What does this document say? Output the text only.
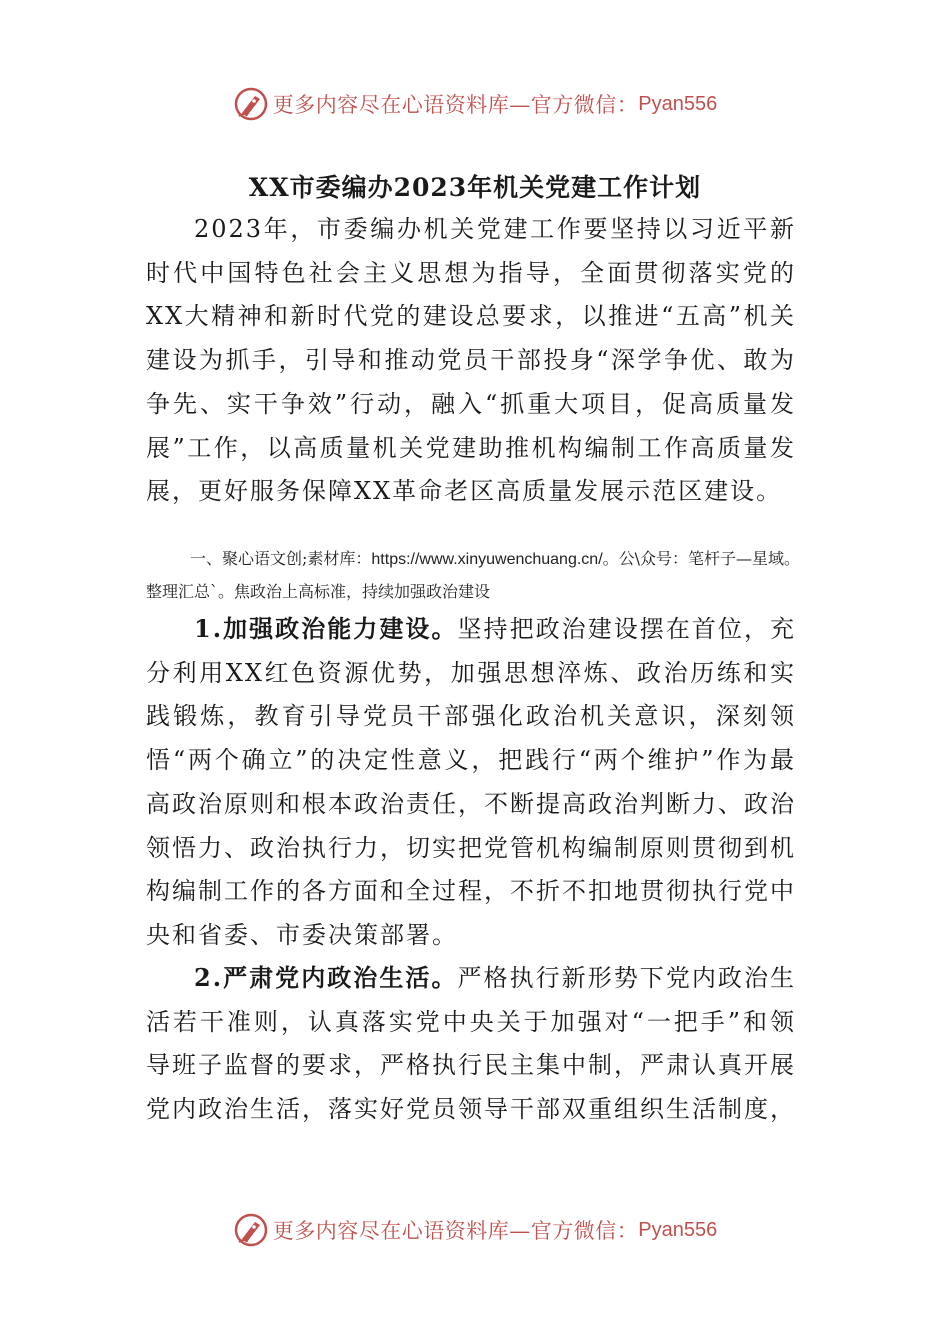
更多内容尽在心语资料库—官方微信： Pyan556
XX市委编办2023年机关党建工作计划

2023年，市委编办机关党建工作要坚持以习近平新时代中国特色社会主义思想为指导，全面贯彻落实党的XX大精神和新时代党的建设总要求，以推进“五高”机关建设为抓手，引导和推动党员干部投身“深学争优、敢为争先、实干争效”行动，融入“抓重大项目，促高质量发展”工作，以高质量机关党建助推机构编制工作高质量发展，更好服务保障XX革命老区高质量发展示范区建设。

一、聚心语文创;素材库：https://www.xinyuwenchuang.cn/。公\众号：笔杆子—星域。整理汇总`。焦政治上高标准，持续加强政治建设

1.加强政治能力建设。坚持把政治建设摆在首位，充分利用XX红色资源优势，加强思想淬炼、政治历练和实践锻炼，教育引导党员干部强化政治机关意识，深刻领悟“两个确立”的决定性意义，把践行“两个维护”作为最高政治原则和根本政治责任，不断提高政治判断力、政治领悟力、政治执行力，切实把党管机构编制原则贯彻到机构编制工作的各方面和全过程，不折不扣地贯彻执行党中央和省委、市委决策部署。

2.严肃党内政治生活。严格执行新形势下党内政治生活若干准则，认真落实党中央关于加强对“一把手”和领导班子监督的要求，严格执行民主集中制，严肃认真开展党内政治生活，落实好党员领导干部双重组织生活制度，

更多内容尽在心语资料库—官方微信： Pyan556
